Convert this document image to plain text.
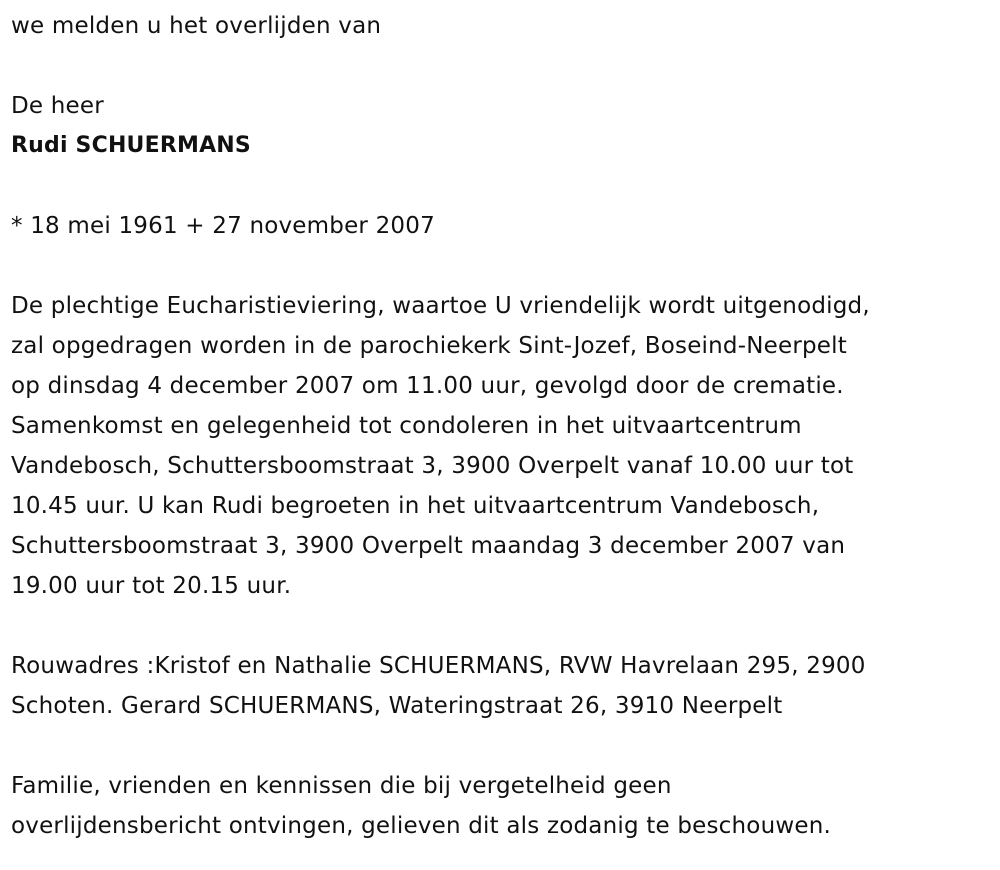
we melden u het overlijden van
De heer
Rudi SCHUERMANS
* 18 mei 1961 + 27 november 2007
De plechtige Eucharistieviering, waartoe U vriendelijk wordt uitgenodigd,
zal opgedragen worden in de parochiekerk Sint-Jozef, Boseind-Neerpelt
op dinsdag 4 december 2007 om 11.00 uur, gevolgd door de crematie.
Samenkomst en gelegenheid tot condoleren in het uitvaartcentrum
Vandebosch, Schuttersboomstraat 3, 3900 Overpelt vanaf 10.00 uur tot
10.45 uur. U kan Rudi begroeten in het uitvaartcentrum Vandebosch,
Schuttersboomstraat 3, 3900 Overpelt maandag 3 december 2007 van
19.00 uur tot 20.15 uur.
Rouwadres :Kristof en Nathalie SCHUERMANS, RVW Havrelaan 295, 2900
Schoten. Gerard SCHUERMANS, Wateringstraat 26, 3910 Neerpelt
Familie, vrienden en kennissen die bij vergetelheid geen
overlijdensbericht ontvingen, gelieven dit als zodanig te beschouwen.
